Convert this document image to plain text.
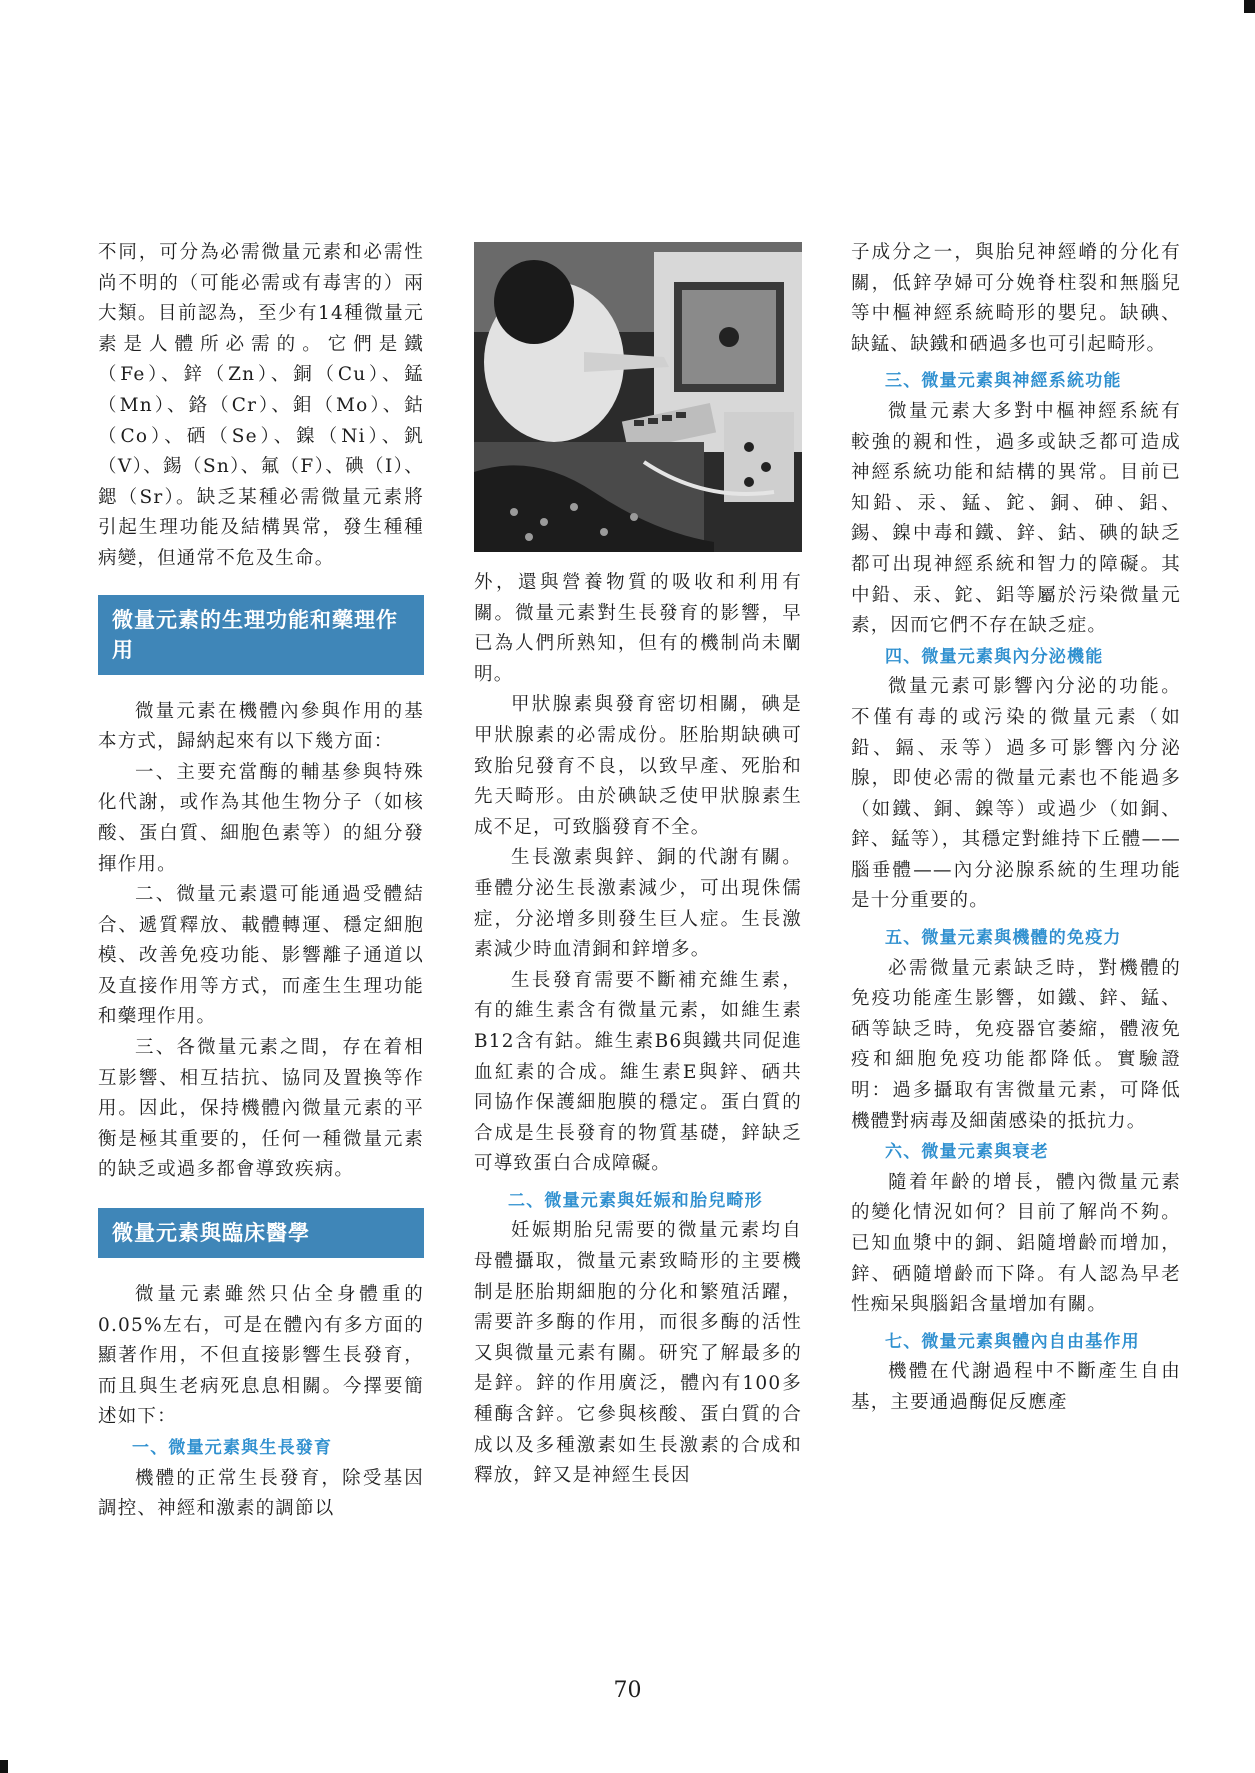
不同，可分為必需微量元素和必需性尚不明的（可能必需或有毒害的）兩大類。目前認為，至少有14種微量元素是人體所必需的。它們是鐵（Fe）、鋅（Zn）、銅（Cu）、錳（Mn）、鉻（Cr）、鉬（Mo）、鈷（Co）、硒（Se）、鎳（Ni）、釩（V）、錫（Sn）、氟（F）、碘（I）、鍶（Sr）。缺乏某種必需微量元素將引起生理功能及結構異常，發生種種病變，但通常不危及生命。

微量元素的生理功能和藥理作用

微量元素在機體內參與作用的基本方式，歸納起來有以下幾方面：

一、主要充當酶的輔基參與特殊化代謝，或作為其他生物分子（如核酸、蛋白質、細胞色素等）的組分發揮作用。

二、微量元素還可能通過受體結合、遞質釋放、載體轉運、穩定細胞模、改善免疫功能、影響離子通道以及直接作用等方式，而產生生理功能和藥理作用。

三、各微量元素之間，存在着相互影響、相互拮抗、協同及置換等作用。因此，保持機體內微量元素的平衡是極其重要的，任何一種微量元素的缺乏或過多都會導致疾病。

微量元素與臨床醫學

微量元素雖然只佔全身體重的0.05%左右，可是在體內有多方面的顯著作用，不但直接影響生長發育，而且與生老病死息息相關。今擇要簡述如下：

一、微量元素與生長發育

機體的正常生長發育，除受基因調控、神經和激素的調節以

外，還與營養物質的吸收和利用有關。微量元素對生長發育的影響，早已為人們所熟知，但有的機制尚未闡明。

甲狀腺素與發育密切相關，碘是甲狀腺素的必需成份。胚胎期缺碘可致胎兒發育不良，以致早產、死胎和先天畸形。由於碘缺乏使甲狀腺素生成不足，可致腦發育不全。

生長激素與鋅、銅的代謝有關。垂體分泌生長激素減少，可出現侏儒症，分泌增多則發生巨人症。生長激素減少時血清銅和鋅增多。

生長發育需要不斷補充維生素，有的維生素含有微量元素，如維生素B12含有鈷。維生素B6與鐵共同促進血紅素的合成。維生素E與鋅、硒共同協作保護細胞膜的穩定。蛋白質的合成是生長發育的物質基礎，鋅缺乏可導致蛋白合成障礙。

二、微量元素與妊娠和胎兒畸形

妊娠期胎兒需要的微量元素均自母體攝取，微量元素致畸形的主要機制是胚胎期細胞的分化和繁殖活躍，需要許多酶的作用，而很多酶的活性又與微量元素有關。研究了解最多的是鋅。鋅的作用廣泛，體內有100多種酶含鋅。它參與核酸、蛋白質的合成以及多種激素如生長激素的合成和釋放，鋅又是神經生長因

子成分之一，與胎兒神經嵴的分化有關，低鋅孕婦可分娩脊柱裂和無腦兒等中樞神經系統畸形的嬰兒。缺碘、缺錳、缺鐵和硒過多也可引起畸形。

三、微量元素與神經系統功能

微量元素大多對中樞神經系統有較強的親和性，過多或缺乏都可造成神經系統功能和結構的異常。目前已知鉛、汞、錳、鉈、銅、砷、鋁、錫、鎳中毒和鐵、鋅、鈷、碘的缺乏都可出現神經系統和智力的障礙。其中鉛、汞、鉈、鋁等屬於污染微量元素，因而它們不存在缺乏症。

四、微量元素與內分泌機能

微量元素可影響內分泌的功能。不僅有毒的或污染的微量元素（如鉛、鎘、汞等）過多可影響內分泌腺，即使必需的微量元素也不能過多（如鐵、銅、鎳等）或過少（如銅、鋅、錳等），其穩定對維持下丘體——腦垂體——內分泌腺系統的生理功能是十分重要的。

五、微量元素與機體的免疫力

必需微量元素缺乏時，對機體的免疫功能產生影響，如鐵、鋅、錳、硒等缺乏時，免疫器官萎縮，體液免疫和細胞免疫功能都降低。實驗證明：過多攝取有害微量元素，可降低機體對病毒及細菌感染的抵抗力。

六、微量元素與衰老

隨着年齡的增長，體內微量元素的變化情況如何？目前了解尚不夠。已知血漿中的銅、鋁隨增齡而增加，鋅、硒隨增齡而下降。有人認為早老性痴呆與腦鋁含量增加有關。

七、微量元素與體內自由基作用

機體在代謝過程中不斷產生自由基，主要通過酶促反應產

70
